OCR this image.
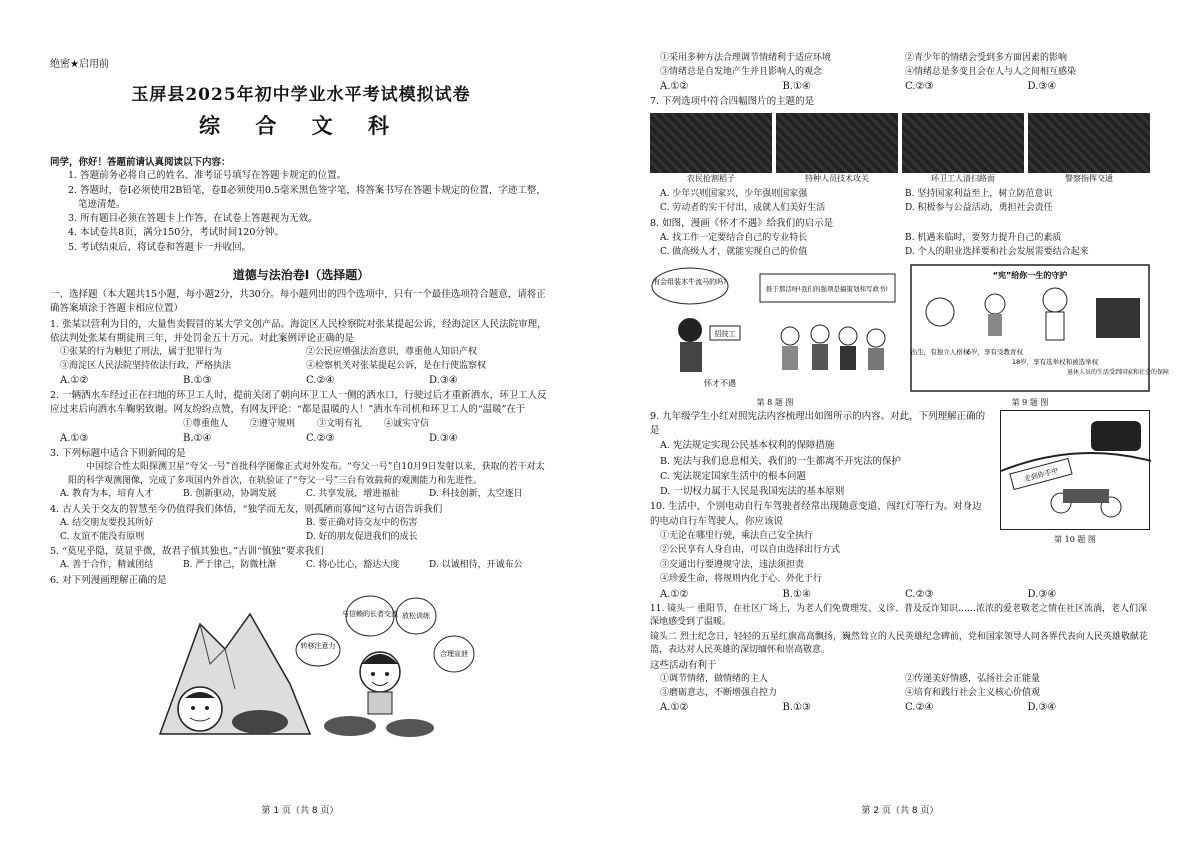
绝密★启用前
玉屏县2025年初中学业水平考试模拟试卷
综 合 文 科
同学，你好！答题前请认真阅读以下内容：
1. 答题前务必将自己的姓名、准考证号填写在答题卡规定的位置。
2. 答题时，卷Ⅰ必须使用2B铅笔，卷Ⅱ必须使用0.5毫米黑色签字笔，将答案书写在答题卡规定的位置，字迹工整，笔迹清楚。
3. 所有题目必须在答题卡上作答，在试卷上答题视为无效。
4. 本试卷共8页，满分150分，考试时间120分钟。
5. 考试结束后，将试卷和答题卡一并收回。
道德与法治卷Ⅰ（选择题）
一、选择题（本大题共15小题，每小题2分，共30分。每小题列出的四个选项中，只有一个最佳选项符合题意，请将正确答案填涂于答题卡相应位置）
1. 张某以营利为目的，大量售卖假冒的某大学文创产品。海淀区人民检察院对张某提起公诉，经海淀区人民法院审理，依法判处张某有期徒刑三年，并处罚金五十万元。对此案例评论正确的是
①张某的行为触犯了刑法，属于犯罪行为	②公民应增强法治意识，尊重他人知识产权
③海淀区人民法院坚持依法行政，严格执法	④检察机关对张某提起公诉，是在行使监察权
A.①②	B.①③	C.②④	D.③④
2. 一辆洒水车经过正在扫地的环卫工人时，提前关闭了朝向环卫工人一侧的洒水口，行驶过后才重新洒水，环卫工人反应过来后向洒水车鞠躬致谢。网友纷纷点赞，有网友评论：“都是温暖的人！”洒水车司机和环卫工人的“温暖”在于
①尊重他人 ②遵守规则 ③文明有礼 ④诚实守信
A.①③	B.①④	C.②③	D.③④
3. 下列标题中适合下则新闻的是
中国综合性太阳探测卫星“夸父一号”首批科学图像正式对外发布。“夸父一号”自10月9日发射以来，获取的若干对太阳的科学观测图像，完成了多项国内外首次，在轨验证了“夸父一号”三台有效载荷的观测能力和先进性。
A. 教育为本，培育人才	B. 创新驱动，协调发展	C. 共享发展，增进福祉	D. 科技创新，太空逐日
4. 古人关于交友的智慧至今仍值得我们体悟，“独学而无友，则孤陋而寡闻”这句古语告诉我们
A. 结交朋友要投其所好	B. 要正确对待交友中的伤害
C. 友谊不能没有原则	D. 好的朋友促进我们的成长
5. “莫见乎隐，莫显乎微，故君子慎其独也。”古训“慎独”要求我们
A. 善于合作，精诚团结	B. 严于律己，防微杜渐	C. 将心比心，豁达大度	D. 以诚相待，开诚布公
6. 对下列漫画理解正确的是
转移注意力
与信赖的长者交流 放松训练
合理宣泄
第 1 页（共 8 页）
①采用多种方法合理调节情绪利于适应环境	②青少年的情绪会受到多方面因素的影响
③情绪总是自发地产生并且影响人的观念	④情绪总是多变且会在人与人之间相互感染
A.①②	B.①④	C.②③	D.③④
7. 下列选项中符合四幅图片的主题的是
农民抢割稻子	特种人员技术攻关	环卫工人清扫路面	警察指挥交通
A. 少年兴则国家兴，少年强则国家强	B. 坚持国家利益至上，树立防范意识
C. 劳动者的实干付出，成就人们美好生活	D. 积极参与公益活动，勇担社会责任
8. 如图，漫画《怀才不遇》给我们的启示是
A. 找工作一定要结合自己的专业特长	B. 机遇来临时，要努力提升自己的素质
C. 做高级人才，就能实现自己的价值	D. 个人的职业选择要和社会发展需要结合起来
有会组装木牛流马的吗?
推于那活呀!我们的强项是搞策划和写政书!
招技工
怀才不遇
第 8 题 图
“宪”给你一生的守护
出生，有独立人格权
6岁，享有受教育权
18岁，享有选举权和被选举权
退休人员的生活受到国家和社会的保障
第 9 题 图
走到你手中
9. 九年级学生小红对照宪法内容梳理出如图所示的内容。对此，下列理解正确的是
A. 宪法规定实现公民基本权利的保障措施
B. 宪法与我们息息相关，我们的一生都离不开宪法的保护
C. 宪法规定国家生活中的根本问题
D. 一切权力属于人民是我国宪法的基本原则
10. 生活中，个别电动自行车驾驶者经常出现随意变道、闯红灯等行为。对身边的电动自行车驾驶人，你应该说
①无论在哪里行驶，乘法自己安全执行
②公民享有人身自由，可以自由选择出行方式
③交通出行要遵规守法，违法须担责
④珍爱生命，将规则内化于心、外化于行
第 10 题 图
A.①②	B.①④	C.②③	D.③④
11. 镜头一 重阳节，在社区广场上，为老人们免费理发、义诊、普及反诈知识……浓浓的爱老敬老之情在社区流淌，老人们深深地感受到了温暖。
镜头二 烈士纪念日，轻轻的五星红旗高高飘扬，巍然耸立的人民英雄纪念碑前，党和国家领导人同各界代表向人民英雄敬献花篮，表达对人民英雄的深切缅怀和崇高敬意。
这些活动有利于
①调节情绪，做情绪的主人	②传递美好情感，弘扬社会正能量
③磨砺意志，不断增强自控力	④培育和践行社会主义核心价值观
A.①②	B.①③	C.②④	D.③④
第 2 页（共 8 页）
